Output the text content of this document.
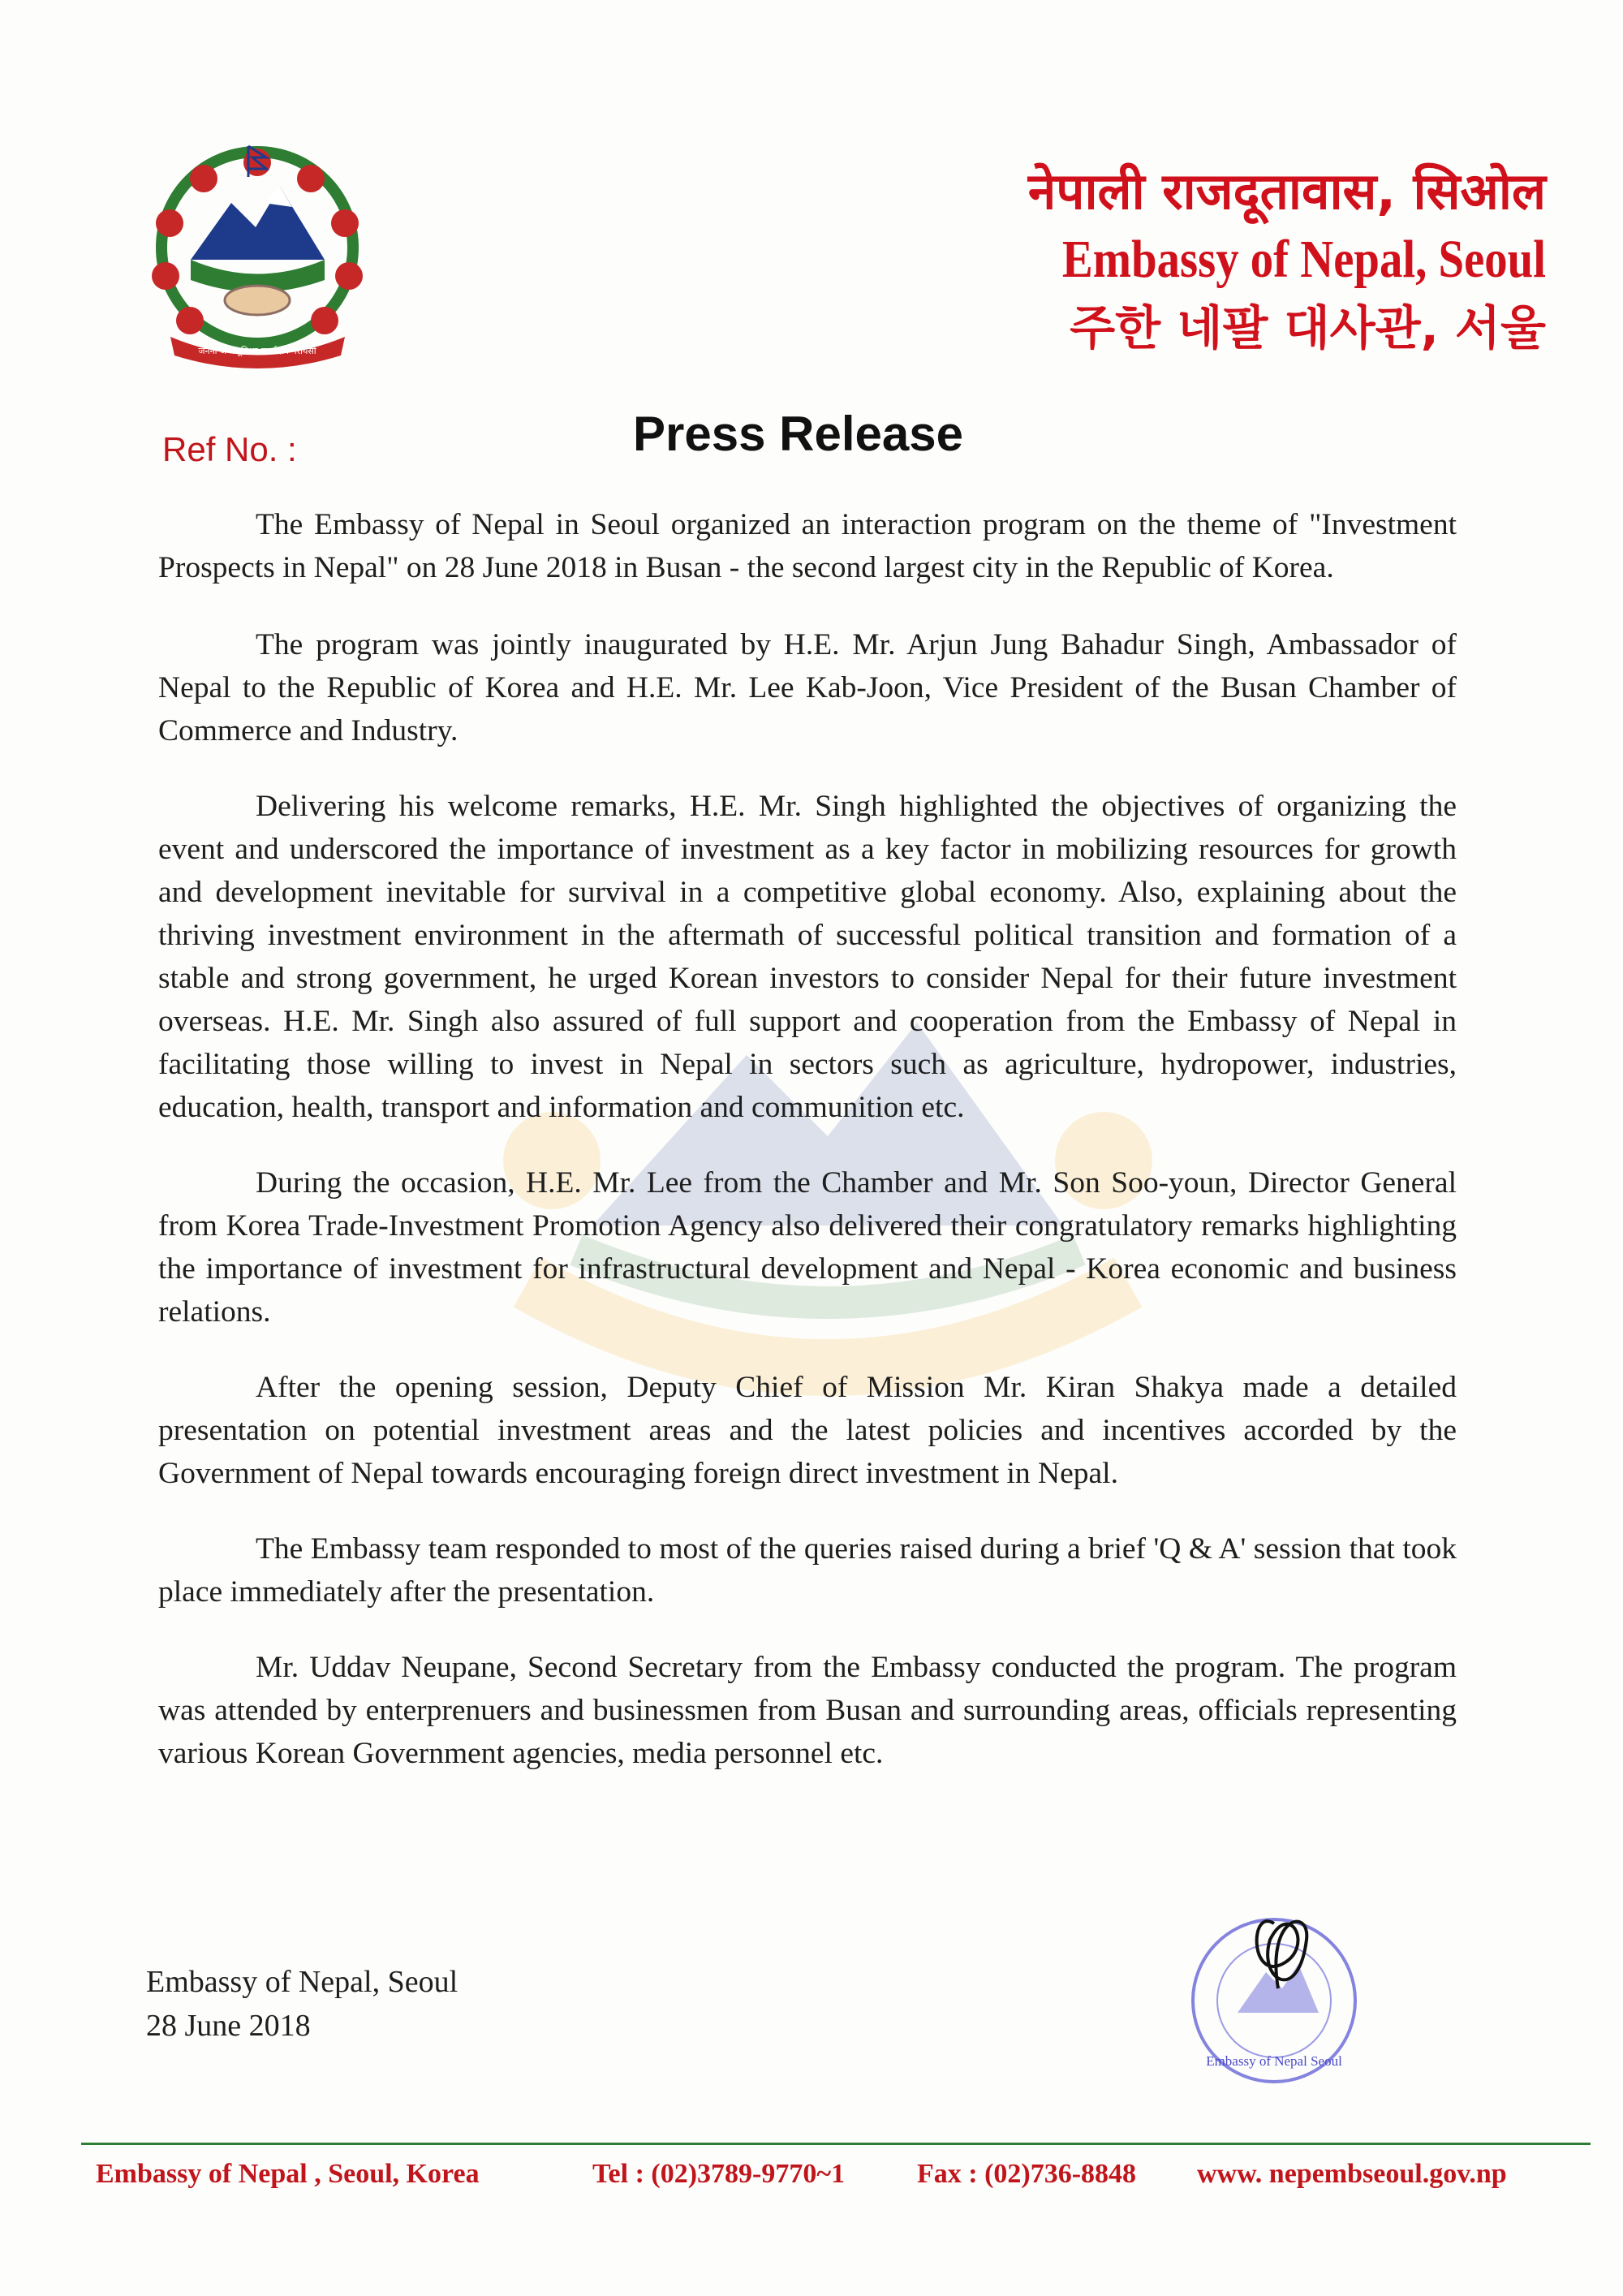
जननी जन्मभूमिश्च स्वर्गादपि गरीयसी
नेपाली राजदूतावास, सिओल
Embassy of Nepal, Seoul
주한 네팔 대사관, 서울
Ref No. :	Press Release

The Embassy of Nepal in Seoul organized an interaction program on the theme of "Investment Prospects in Nepal" on 28 June 2018 in Busan - the second largest city in the Republic of Korea.

The program was jointly inaugurated by H.E. Mr. Arjun Jung Bahadur Singh, Ambassador of Nepal to the Republic of Korea and H.E. Mr. Lee Kab-Joon, Vice President of the Busan Chamber of Commerce and Industry.

Delivering his welcome remarks, H.E. Mr. Singh highlighted the objectives of organizing the event and underscored the importance of investment as a key factor in mobilizing resources for growth and development inevitable for survival in a competitive global economy. Also, explaining about the thriving investment environment in the aftermath of successful political transition and formation of a stable and strong government, he urged Korean investors to consider Nepal for their future investment overseas. H.E. Mr. Singh also assured of full support and cooperation from the Embassy of Nepal in facilitating those willing to invest in Nepal in sectors such as agriculture, hydropower, industries, education, health, transport and information and communition etc.

During the occasion, H.E. Mr. Lee from the Chamber and Mr. Son Soo-youn, Director General from Korea Trade-Investment Promotion Agency also delivered their congratulatory remarks highlighting the importance of investment for infrastructural development and Nepal - Korea economic and business relations.

After the opening session, Deputy Chief of Mission Mr. Kiran Shakya made a detailed presentation on potential investment areas and the latest policies and incentives accorded by the Government of Nepal towards encouraging foreign direct investment in Nepal.

The Embassy team responded to most of the queries raised during a brief 'Q & A' session that took place immediately after the presentation.

Mr. Uddav Neupane, Second Secretary from the Embassy conducted the program. The program was attended by enterprenuers and businessmen from Busan and surrounding areas, officials representing various Korean Government agencies, media personnel etc.

Embassy of Nepal, Seoul
28 June 2018
Embassy of Nepal Seoul
Embassy of Nepal , Seoul, Korea	Tel : (02)3789-9770~1	Fax : (02)736-8848 www. nepembseoul.gov.np
